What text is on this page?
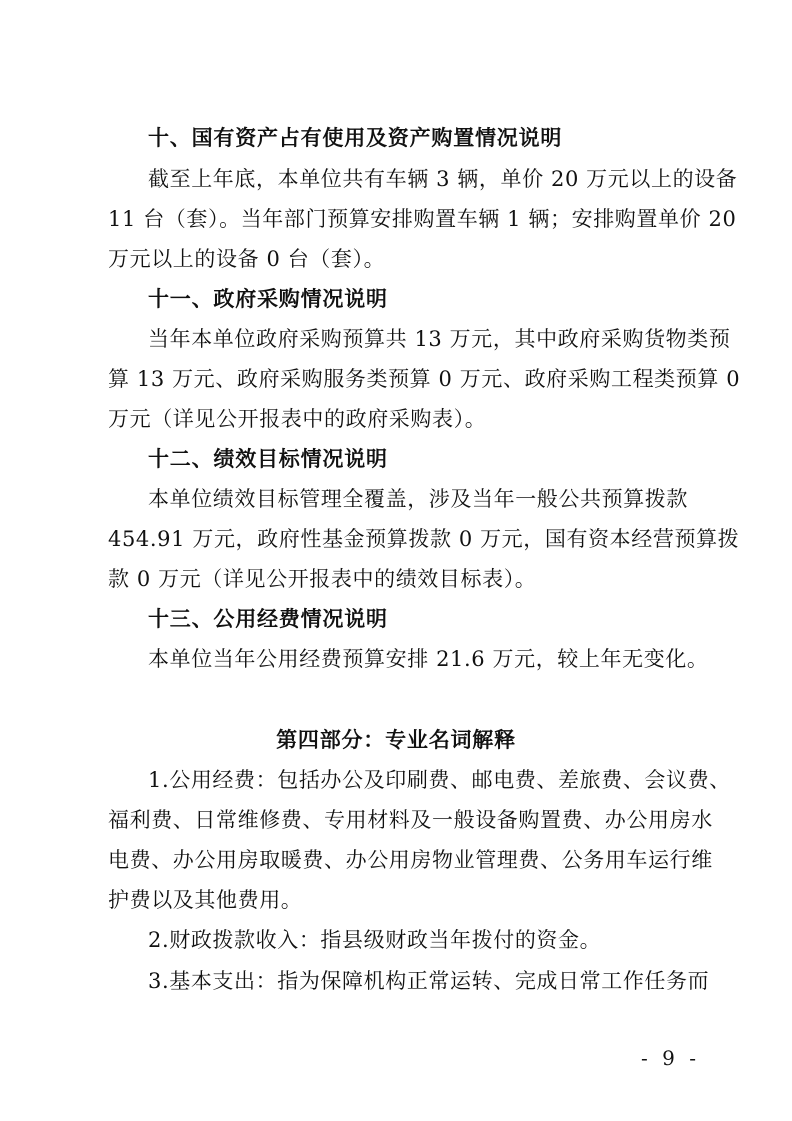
十、国有资产占有使用及资产购置情况说明
截至上年底，本单位共有车辆 3 辆，单价 20 万元以上的设备
11 台（套）。当年部门预算安排购置车辆 1 辆；安排购置单价 20
万元以上的设备 0 台（套）。
十一、政府采购情况说明
当年本单位政府采购预算共 13 万元，其中政府采购货物类预
算 13 万元、政府采购服务类预算 0 万元、政府采购工程类预算 0
万元（详见公开报表中的政府采购表）。
十二、绩效目标情况说明
本单位绩效目标管理全覆盖，涉及当年一般公共预算拨款
454.91 万元，政府性基金预算拨款 0 万元，国有资本经营预算拨
款 0 万元（详见公开报表中的绩效目标表）。
十三、公用经费情况说明
本单位当年公用经费预算安排 21.6 万元，较上年无变化。
第四部分：专业名词解释
1.公用经费：包括办公及印刷费、邮电费、差旅费、会议费、
福利费、日常维修费、专用材料及一般设备购置费、办公用房水
电费、办公用房取暖费、办公用房物业管理费、公务用车运行维
护费以及其他费用。
2.财政拨款收入：指县级财政当年拨付的资金。
3.基本支出：指为保障机构正常运转、完成日常工作任务而
- 9 -
